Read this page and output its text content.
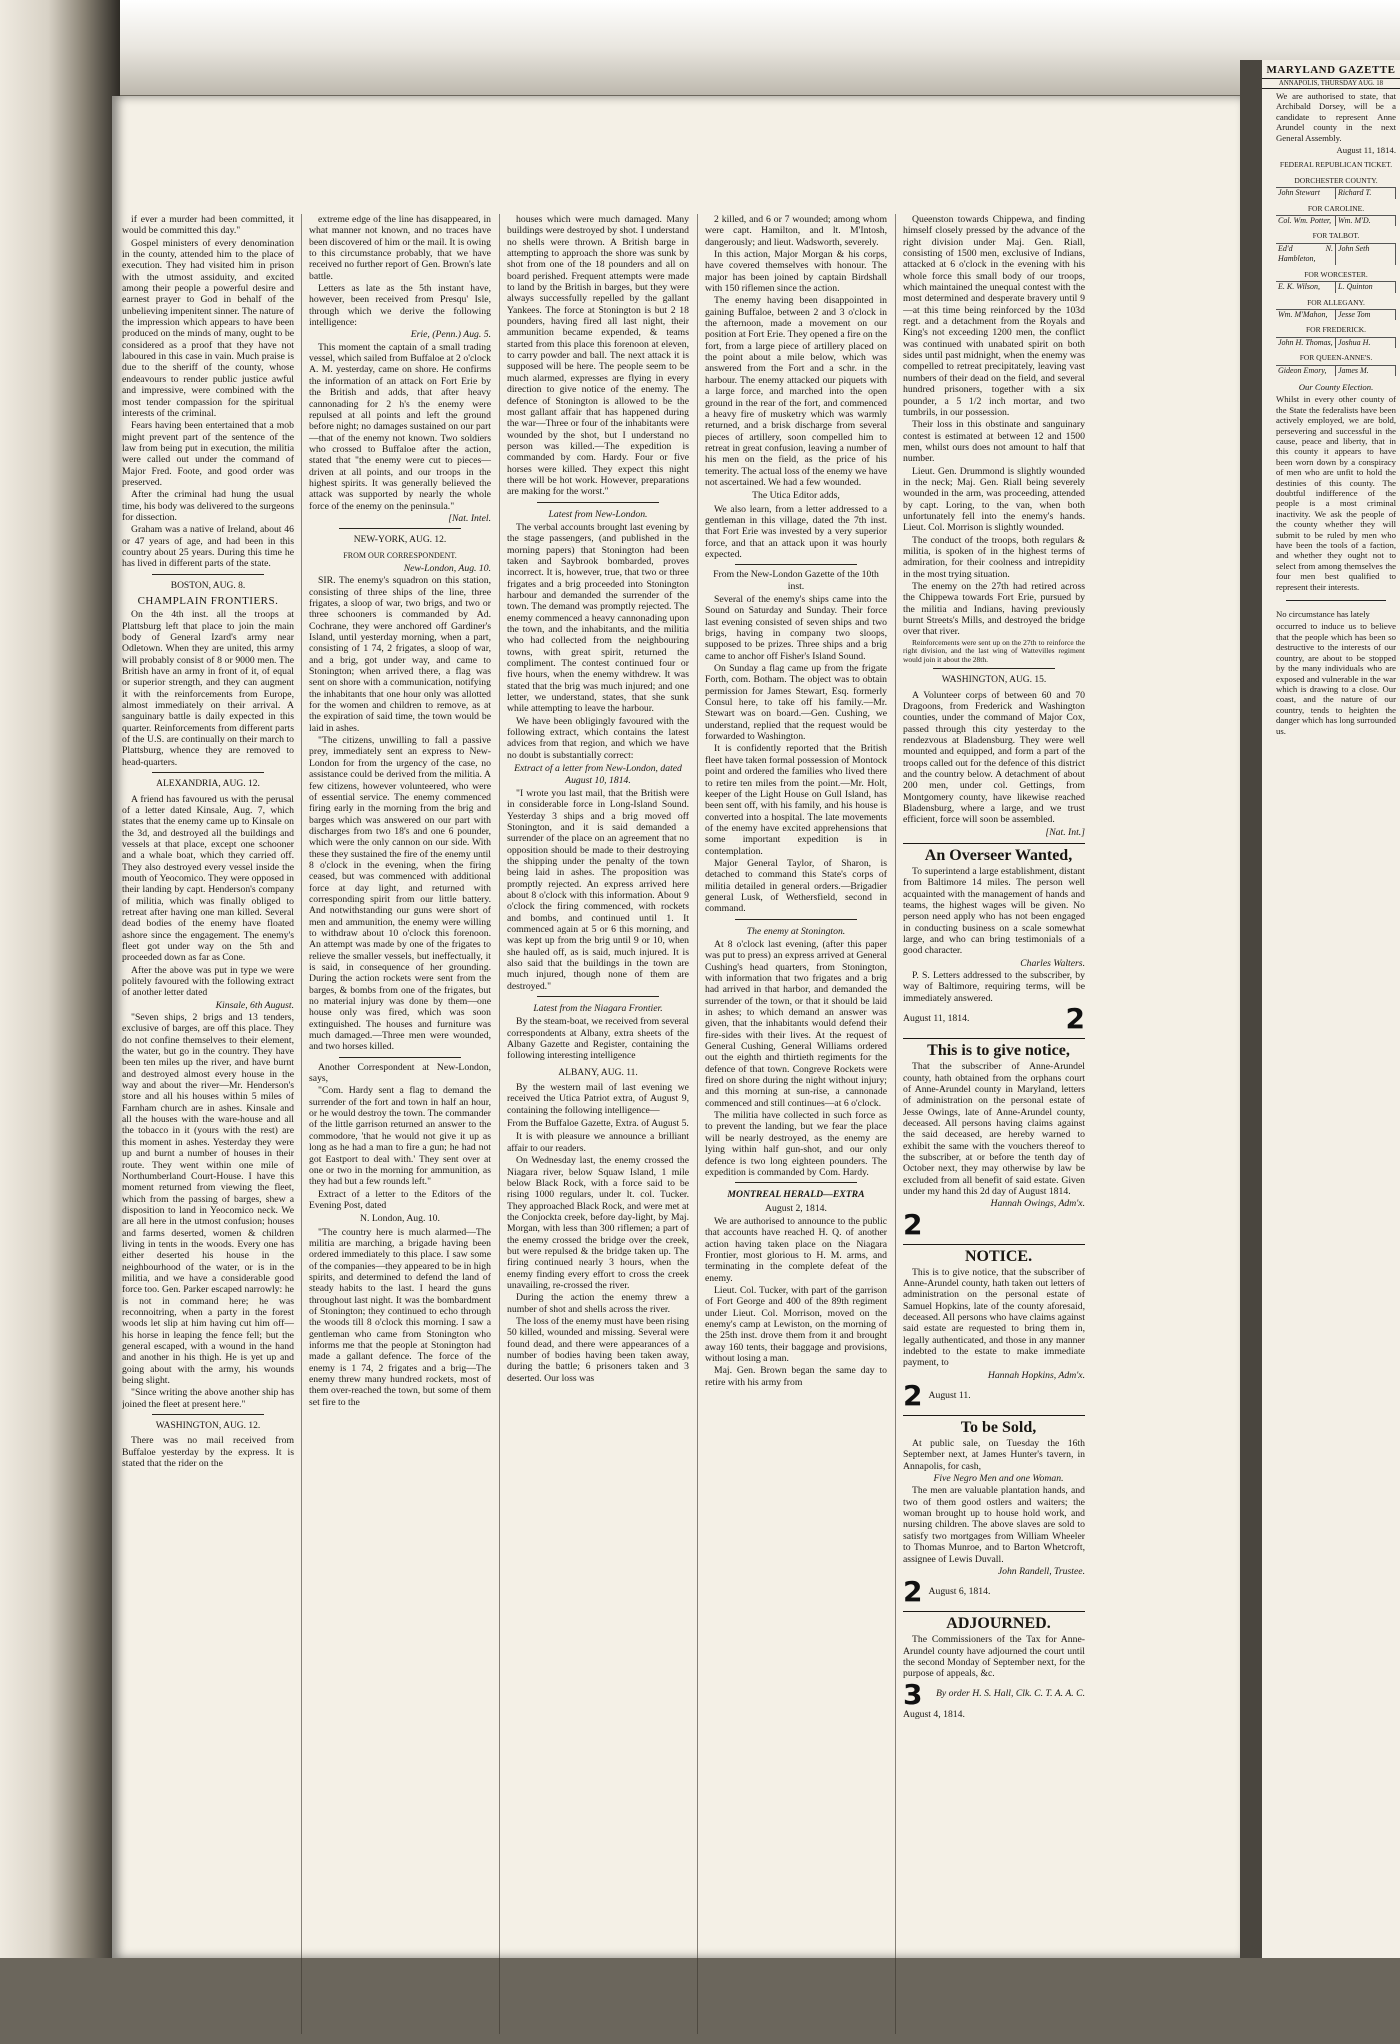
if ever a murder had been committed, it would be committed this day."

Gospel ministers of every denomination in the county, attended him to the place of execution. They had visited him in prison with the utmost assiduity, and excited among their people a powerful desire and earnest prayer to God in behalf of the unbelieving impenitent sinner. The nature of the impression which appears to have been produced on the minds of many, ought to be considered as a proof that they have not laboured in this case in vain. Much praise is due to the sheriff of the county, whose endeavours to render public justice awful and impressive, were combined with the most tender compassion for the spiritual interests of the criminal.

Fears having been entertained that a mob might prevent part of the sentence of the law from being put in execution, the militia were called out under the command of Major Fred. Foote, and good order was preserved.

After the criminal had hung the usual time, his body was delivered to the surgeons for dissection.

Graham was a native of Ireland, about 46 or 47 years of age, and had been in this country about 25 years. During this time he has lived in different parts of the state.

BOSTON, AUG. 8.

CHAMPLAIN FRONTIERS.

On the 4th inst. all the troops at Plattsburg left that place to join the main body of General Izard's army near Odletown. When they are united, this army will probably consist of 8 or 9000 men. The British have an army in front of it, of equal or superior strength, and they can augment it with the reinforcements from Europe, almost immediately on their arrival. A sanguinary battle is daily expected in this quarter. Reinforcements from different parts of the U.S. are continually on their march to Plattsburg, whence they are removed to head-quarters.

ALEXANDRIA, AUG. 12.

A friend has favoured us with the perusal of a letter dated Kinsale, Aug. 7, which states that the enemy came up to Kinsale on the 3d, and destroyed all the buildings and vessels at that place, except one schooner and a whale boat, which they carried off. They also destroyed every vessel inside the mouth of Yeocomico. They were opposed in their landing by capt. Henderson's company of militia, which was finally obliged to retreat after having one man killed. Several dead bodies of the enemy have floated ashore since the engagement. The enemy's fleet got under way on the 5th and proceeded down as far as Cone.

After the above was put in type we were politely favoured with the following extract of another letter dated

Kinsale, 6th August.

"Seven ships, 2 brigs and 13 tenders, exclusive of barges, are off this place. They do not confine themselves to their element, the water, but go in the country. They have been ten miles up the river, and have burnt and destroyed almost every house in the way and about the river—Mr. Henderson's store and all his houses within 5 miles of Farnham church are in ashes. Kinsale and all the houses with the ware-house and all the tobacco in it (yours with the rest) are this moment in ashes. Yesterday they were up and burnt a number of houses in their route. They went within one mile of Northumberland Court-House. I have this moment returned from viewing the fleet, which from the passing of barges, shew a disposition to land in Yeocomico neck. We are all here in the utmost confusion; houses and farms deserted, women & children living in tents in the woods. Every one has either deserted his house in the neighbourhood of the water, or is in the militia, and we have a considerable good force too. Gen. Parker escaped narrowly: he is not in command here; he was reconnoitring, when a party in the forest woods let slip at him having cut him off—his horse in leaping the fence fell; but the general escaped, with a wound in the hand and another in his thigh. He is yet up and going about with the army, his wounds being slight.

"Since writing the above another ship has joined the fleet at present here."

WASHINGTON, AUG. 12.

There was no mail received from Buffaloe yesterday by the express. It is stated that the rider on the

extreme edge of the line has disappeared, in what manner not known, and no traces have been discovered of him or the mail. It is owing to this circumstance probably, that we have received no further report of Gen. Brown's late battle.

Letters as late as the 5th instant have, however, been received from Presqu' Isle, through which we derive the following intelligence:

Erie, (Penn.) Aug. 5.

This moment the captain of a small trading vessel, which sailed from Buffaloe at 2 o'clock A. M. yesterday, came on shore. He confirms the information of an attack on Fort Erie by the British and adds, that after heavy cannonading for 2 h's the enemy were repulsed at all points and left the ground before night; no damages sustained on our part—that of the enemy not known. Two soldiers who crossed to Buffaloe after the action, stated that "the enemy were cut to pieces—driven at all points, and our troops in the highest spirits. It was generally believed the attack was supported by nearly the whole force of the enemy on the peninsula."

[Nat. Intel.

NEW-YORK, AUG. 12.

FROM OUR CORRESPONDENT.

New-London, Aug. 10.

SIR. The enemy's squadron on this station, consisting of three ships of the line, three frigates, a sloop of war, two brigs, and two or three schooners is commanded by Ad. Cochrane, they were anchored off Gardiner's Island, until yesterday morning, when a part, consisting of 1 74, 2 frigates, a sloop of war, and a brig, got under way, and came to Stonington; when arrived there, a flag was sent on shore with a communication, notifying the inhabitants that one hour only was allotted for the women and children to remove, as at the expiration of said time, the town would be laid in ashes.

"The citizens, unwilling to fall a passive prey, immediately sent an express to New-London for from the urgency of the case, no assistance could be derived from the militia. A few citizens, however volunteered, who were of essential service. The enemy commenced firing early in the morning from the brig and barges which was answered on our part with discharges from two 18's and one 6 pounder, which were the only cannon on our side. With these they sustained the fire of the enemy until 8 o'clock in the evening, when the firing ceased, but was commenced with additional force at day light, and returned with corresponding spirit from our little battery. And notwithstanding our guns were short of men and ammunition, the enemy were willing to withdraw about 10 o'clock this forenoon. An attempt was made by one of the frigates to relieve the smaller vessels, but ineffectually, it is said, in consequence of her grounding. During the action rockets were sent from the barges, & bombs from one of the frigates, but no material injury was done by them—one house only was fired, which was soon extinguished. The houses and furniture was much damaged.—Three men were wounded, and two horses killed.

Another Correspondent at New-London, says,

"Com. Hardy sent a flag to demand the surrender of the fort and town in half an hour, or he would destroy the town. The commander of the little garrison returned an answer to the commodore, 'that he would not give it up as long as he had a man to fire a gun; he had not got Eastport to deal with.' They sent over at one or two in the morning for ammunition, as they had but a few rounds left."

Extract of a letter to the Editors of the Evening Post, dated

N. London, Aug. 10.

"The country here is much alarmed—The militia are marching, a brigade having been ordered immediately to this place. I saw some of the companies—they appeared to be in high spirits, and determined to defend the land of steady habits to the last. I heard the guns throughout last night. It was the bombardment of Stonington; they continued to echo through the woods till 8 o'clock this morning. I saw a gentleman who came from Stonington who informs me that the people at Stonington had made a gallant defence. The force of the enemy is 1 74, 2 frigates and a brig—The enemy threw many hundred rockets, most of them over-reached the town, but some of them set fire to the

houses which were much damaged. Many buildings were destroyed by shot. I understand no shells were thrown. A British barge in attempting to approach the shore was sunk by shot from one of the 18 pounders and all on board perished. Frequent attempts were made to land by the British in barges, but they were always successfully repelled by the gallant Yankees. The force at Stonington is but 2 18 pounders, having fired all last night, their ammunition became expended, & teams started from this place this forenoon at eleven, to carry powder and ball. The next attack it is supposed will be here. The people seem to be much alarmed, expresses are flying in every direction to give notice of the enemy. The defence of Stonington is allowed to be the most gallant affair that has happened during the war—Three or four of the inhabitants were wounded by the shot, but I understand no person was killed.—The expedition is commanded by com. Hardy. Four or five horses were killed. They expect this night there will be hot work. However, preparations are making for the worst."

Latest from New-London.

The verbal accounts brought last evening by the stage passengers, (and published in the morning papers) that Stonington had been taken and Saybrook bombarded, proves incorrect. It is, however, true, that two or three frigates and a brig proceeded into Stonington harbour and demanded the surrender of the town. The demand was promptly rejected. The enemy commenced a heavy cannonading upon the town, and the inhabitants, and the militia who had collected from the neighbouring towns, with great spirit, returned the compliment. The contest continued four or five hours, when the enemy withdrew. It was stated that the brig was much injured; and one letter, we understand, states, that she sunk while attempting to leave the harbour.

We have been obligingly favoured with the following extract, which contains the latest advices from that region, and which we have no doubt is substantially correct:

Extract of a letter from New-London, dated August 10, 1814.

"I wrote you last mail, that the British were in considerable force in Long-Island Sound. Yesterday 3 ships and a brig moved off Stonington, and it is said demanded a surrender of the place on an agreement that no opposition should be made to their destroying the shipping under the penalty of the town being laid in ashes. The proposition was promptly rejected. An express arrived here about 8 o'clock with this information. About 9 o'clock the firing commenced, with rockets and bombs, and continued until 1. It commenced again at 5 or 6 this morning, and was kept up from the brig until 9 or 10, when she hauled off, as is said, much injured. It is also said that the buildings in the town are much injured, though none of them are destroyed."

Latest from the Niagara Frontier.

By the steam-boat, we received from several correspondents at Albany, extra sheets of the Albany Gazette and Register, containing the following interesting intelligence

ALBANY, AUG. 11.

By the western mail of last evening we received the Utica Patriot extra, of August 9, containing the following intelligence—

From the Buffaloe Gazette, Extra. of August 5.

It is with pleasure we announce a brilliant affair to our readers.

On Wednesday last, the enemy crossed the Niagara river, below Squaw Island, 1 mile below Black Rock, with a force said to be rising 1000 regulars, under lt. col. Tucker. They approached Black Rock, and were met at the Conjockta creek, before day-light, by Maj. Morgan, with less than 300 riflemen; a part of the enemy crossed the bridge over the creek, but were repulsed & the bridge taken up. The firing continued nearly 3 hours, when the enemy finding every effort to cross the creek unavailing, re-crossed the river.

During the action the enemy threw a number of shot and shells across the river.

The loss of the enemy must have been rising 50 killed, wounded and missing. Several were found dead, and there were appearances of a number of bodies having been taken away, during the battle; 6 prisoners taken and 3 deserted. Our loss was

2 killed, and 6 or 7 wounded; among whom were capt. Hamilton, and lt. M'Intosh, dangerously; and lieut. Wadsworth, severely.

In this action, Major Morgan & his corps, have covered themselves with honour. The major has been joined by captain Birdshall with 150 riflemen since the action.

The enemy having been disappointed in gaining Buffaloe, between 2 and 3 o'clock in the afternoon, made a movement on our position at Fort Erie. They opened a fire on the fort, from a large piece of artillery placed on the point about a mile below, which was answered from the Fort and a schr. in the harbour. The enemy attacked our piquets with a large force, and marched into the open ground in the rear of the fort, and commenced a heavy fire of musketry which was warmly returned, and a brisk discharge from several pieces of artillery, soon compelled him to retreat in great confusion, leaving a number of his men on the field, as the price of his temerity. The actual loss of the enemy we have not ascertained. We had a few wounded.

The Utica Editor adds,

We also learn, from a letter addressed to a gentleman in this village, dated the 7th inst. that Fort Erie was invested by a very superior force, and that an attack upon it was hourly expected.

From the New-London Gazette of the 10th inst.

Several of the enemy's ships came into the Sound on Saturday and Sunday. Their force last evening consisted of seven ships and two brigs, having in company two sloops, supposed to be prizes. Three ships and a brig came to anchor off Fisher's Island Sound.

On Sunday a flag came up from the frigate Forth, com. Botham. The object was to obtain permission for James Stewart, Esq. formerly Consul here, to take off his family.—Mr. Stewart was on board.—Gen. Cushing, we understand, replied that the request would be forwarded to Washington.

It is confidently reported that the British fleet have taken formal possession of Montock point and ordered the families who lived there to retire ten miles from the point.—Mr. Holt, keeper of the Light House on Gull Island, has been sent off, with his family, and his house is converted into a hospital. The late movements of the enemy have excited apprehensions that some important expedition is in contemplation.

Major General Taylor, of Sharon, is detached to command this State's corps of militia detailed in general orders.—Brigadier general Lusk, of Wethersfield, second in command.

The enemy at Stonington.

At 8 o'clock last evening, (after this paper was put to press) an express arrived at General Cushing's head quarters, from Stonington, with information that two frigates and a brig had arrived in that harbor, and demanded the surrender of the town, or that it should be laid in ashes; to which demand an answer was given, that the inhabitants would defend their fire-sides with their lives. At the request of General Cushing, General Williams ordered out the eighth and thirtieth regiments for the defence of that town. Congreve Rockets were fired on shore during the night without injury; and this morning at sun-rise, a cannonade commenced and still continues—at 6 o'clock.

The militia have collected in such force as to prevent the landing, but we fear the place will be nearly destroyed, as the enemy are lying within half gun-shot, and our only defence is two long eighteen pounders. The expedition is commanded by Com. Hardy.

MONTREAL HERALD—EXTRA

August 2, 1814.

We are authorised to announce to the public that accounts have reached H. Q. of another action having taken place on the Niagara Frontier, most glorious to H. M. arms, and terminating in the complete defeat of the enemy.

Lieut. Col. Tucker, with part of the garrison of Fort George and 400 of the 89th regiment under Lieut. Col. Morrison, moved on the enemy's camp at Lewiston, on the morning of the 25th inst. drove them from it and brought away 160 tents, their baggage and provisions, without losing a man.

Maj. Gen. Brown began the same day to retire with his army from

Queenston towards Chippewa, and finding himself closely pressed by the advance of the right division under Maj. Gen. Riall, consisting of 1500 men, exclusive of Indians, attacked at 6 o'clock in the evening with his whole force this small body of our troops, which maintained the unequal contest with the most determined and desperate bravery until 9—at this time being reinforced by the 103d regt. and a detachment from the Royals and King's not exceeding 1200 men, the conflict was continued with unabated spirit on both sides until past midnight, when the enemy was compelled to retreat precipitately, leaving vast numbers of their dead on the field, and several hundred prisoners, together with a six pounder, a 5 1/2 inch mortar, and two tumbrils, in our possession.

Their loss in this obstinate and sanguinary contest is estimated at between 12 and 1500 men, whilst ours does not amount to half that number.

Lieut. Gen. Drummond is slightly wounded in the neck; Maj. Gen. Riall being severely wounded in the arm, was proceeding, attended by capt. Loring, to the van, when both unfortunately fell into the enemy's hands. Lieut. Col. Morrison is slightly wounded.

The conduct of the troops, both regulars & militia, is spoken of in the highest terms of admiration, for their coolness and intrepidity in the most trying situation.

The enemy on the 27th had retired across the Chippewa towards Fort Erie, pursued by the militia and Indians, having previously burnt Streets's Mills, and destroyed the bridge over that river.

Reinforcements were sent up on the 27th to reinforce the right division, and the last wing of Wattevilles regiment would join it about the 28th.

WASHINGTON, AUG. 15.

A Volunteer corps of between 60 and 70 Dragoons, from Frederick and Washington counties, under the command of Major Cox, passed through this city yesterday to the rendezvous at Bladensburg. They were well mounted and equipped, and form a part of the troops called out for the defence of this district and the country below. A detachment of about 200 men, under col. Gettings, from Montgomery county, have likewise reached Bladensburg, where a large, and we trust efficient, force will soon be assembled.

[Nat. Int.]

An Overseer Wanted,

To superintend a large establishment, distant from Baltimore 14 miles. The person well acquainted with the management of hands and teams, the highest wages will be given. No person need apply who has not been engaged in conducting business on a scale somewhat large, and who can bring testimonials of a good character.

Charles Walters.

P. S. Letters addressed to the subscriber, by way of Baltimore, requiring terms, will be immediately answered.

August 11, 1814.	2

This is to give notice,

That the subscriber of Anne-Arundel county, hath obtained from the orphans court of Anne-Arundel county in Maryland, letters of administration on the personal estate of Jesse Owings, late of Anne-Arundel county, deceased. All persons having claims against the said deceased, are hereby warned to exhibit the same with the vouchers thereof to the subscriber, at or before the tenth day of October next, they may otherwise by law be excluded from all benefit of said estate. Given under my hand this 2d day of August 1814.

Hannah Owings, Adm'x.

2

NOTICE.

This is to give notice, that the subscriber of Anne-Arundel county, hath taken out letters of administration on the personal estate of Samuel Hopkins, late of the county aforesaid, deceased. All persons who have claims against said estate are requested to bring them in, legally authenticated, and those in any manner indebted to the estate to make immediate payment, to

Hannah Hopkins, Adm'x.

2 August 11.

To be Sold,

At public sale, on Tuesday the 16th September next, at James Hunter's tavern, in Annapolis, for cash,

Five Negro Men and one Woman.

The men are valuable plantation hands, and two of them good ostlers and waiters; the woman brought up to house hold work, and nursing children. The above slaves are sold to satisfy two mortgages from William Wheeler to Thomas Munroe, and to Barton Whetcroft, assignee of Lewis Duvall.

John Randell, Trustee.

2 August 6, 1814.

ADJOURNED.

The Commissioners of the Tax for Anne-Arundel county have adjourned the court until the second Monday of September next, for the purpose of appeals, &c.

3	By order H. S. Hall, Clk. C. T. A. A. C.

August 4, 1814.

MARYLAND GAZETTE
ANNAPOLIS, THURSDAY AUG. 18

We are authorised to state, that Archibald Dorsey, will be a candidate to represent Anne Arundel county in the next General Assembly.

August 11, 1814.

FEDERAL REPUBLICAN TICKET.
DORCHESTER COUNTY.
John Stewart	Richard T.
FOR CAROLINE.
Col. Wm. Potter, Wm. M'D.
FOR TALBOT.
Ed'd N. Hambleton,
John Seth
FOR WORCESTER.
E. K. Wilson,	L. Quinton
FOR ALLEGANY.
Wm. M'Mahon,	Jesse Tom
FOR FREDERICK.
John H. Thomas, Joshua H.
FOR QUEEN-ANNE'S.
Gideon Emory,	James M.

Our County Election.

Whilst in every other county of the State the federalists have been actively employed, we are bold, persevering and successful in the cause, peace and liberty, that in this county it appears to have been worn down by a conspiracy of men who are unfit to hold the destinies of this county. The doubtful indifference of the people is a most criminal inactivity. We ask the people of the county whether they will submit to be ruled by men who have been the tools of a faction, and whether they ought not to select from among themselves the four men best qualified to represent their interests.

No circumstance has lately

occurred to induce us to believe that the people which has been so destructive to the interests of our country, are about to be stopped by the many individuals who are exposed and vulnerable in the war which is drawing to a close. Our coast, and the nature of our country, tends to heighten the danger which has long surrounded us.
